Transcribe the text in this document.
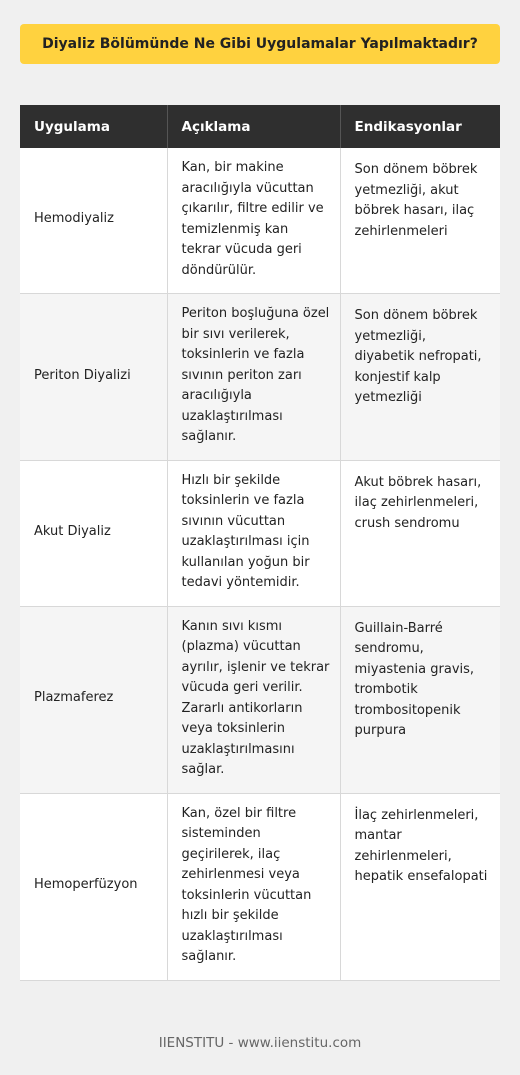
Diyaliz Bölümünde Ne Gibi Uygulamalar Yapılmaktadır?
Uygulama	Açıklama	Endikasyonlar
Hemodiyaliz	Kan, bir makine aracılığıyla vücuttan çıkarılır, filtre edilir ve temizlenmiş kan tekrar vücuda geri döndürülür.	Son dönem böbrek yetmezliği, akut böbrek hasarı, ilaç zehirlenmeleri
Periton Diyalizi	Periton boşluğuna özel bir sıvı verilerek, toksinlerin ve fazla sıvının periton zarı aracılığıyla uzaklaştırılması sağlanır.	Son dönem böbrek yetmezliği, diyabetik nefropati, konjestif kalp yetmezliği
Akut Diyaliz	Hızlı bir şekilde toksinlerin ve fazla sıvının vücuttan uzaklaştırılması için kullanılan yoğun bir tedavi yöntemidir.	Akut böbrek hasarı, ilaç zehirlenmeleri, crush sendromu
Plazmaferez	Kanın sıvı kısmı (plazma) vücuttan ayrılır, işlenir ve tekrar vücuda geri verilir. Zararlı antikorların veya toksinlerin uzaklaştırılmasını sağlar.	Guillain-Barré sendromu, miyastenia gravis, trombotik trombositopenik purpura
Hemoperfüzyon	Kan, özel bir filtre sisteminden geçirilerek, ilaç zehirlenmesi veya toksinlerin vücuttan hızlı bir şekilde uzaklaştırılması sağlanır.	İlaç zehirlenmeleri, mantar zehirlenmeleri, hepatik ensefalopati
IIENSTITU - www.iienstitu.com
